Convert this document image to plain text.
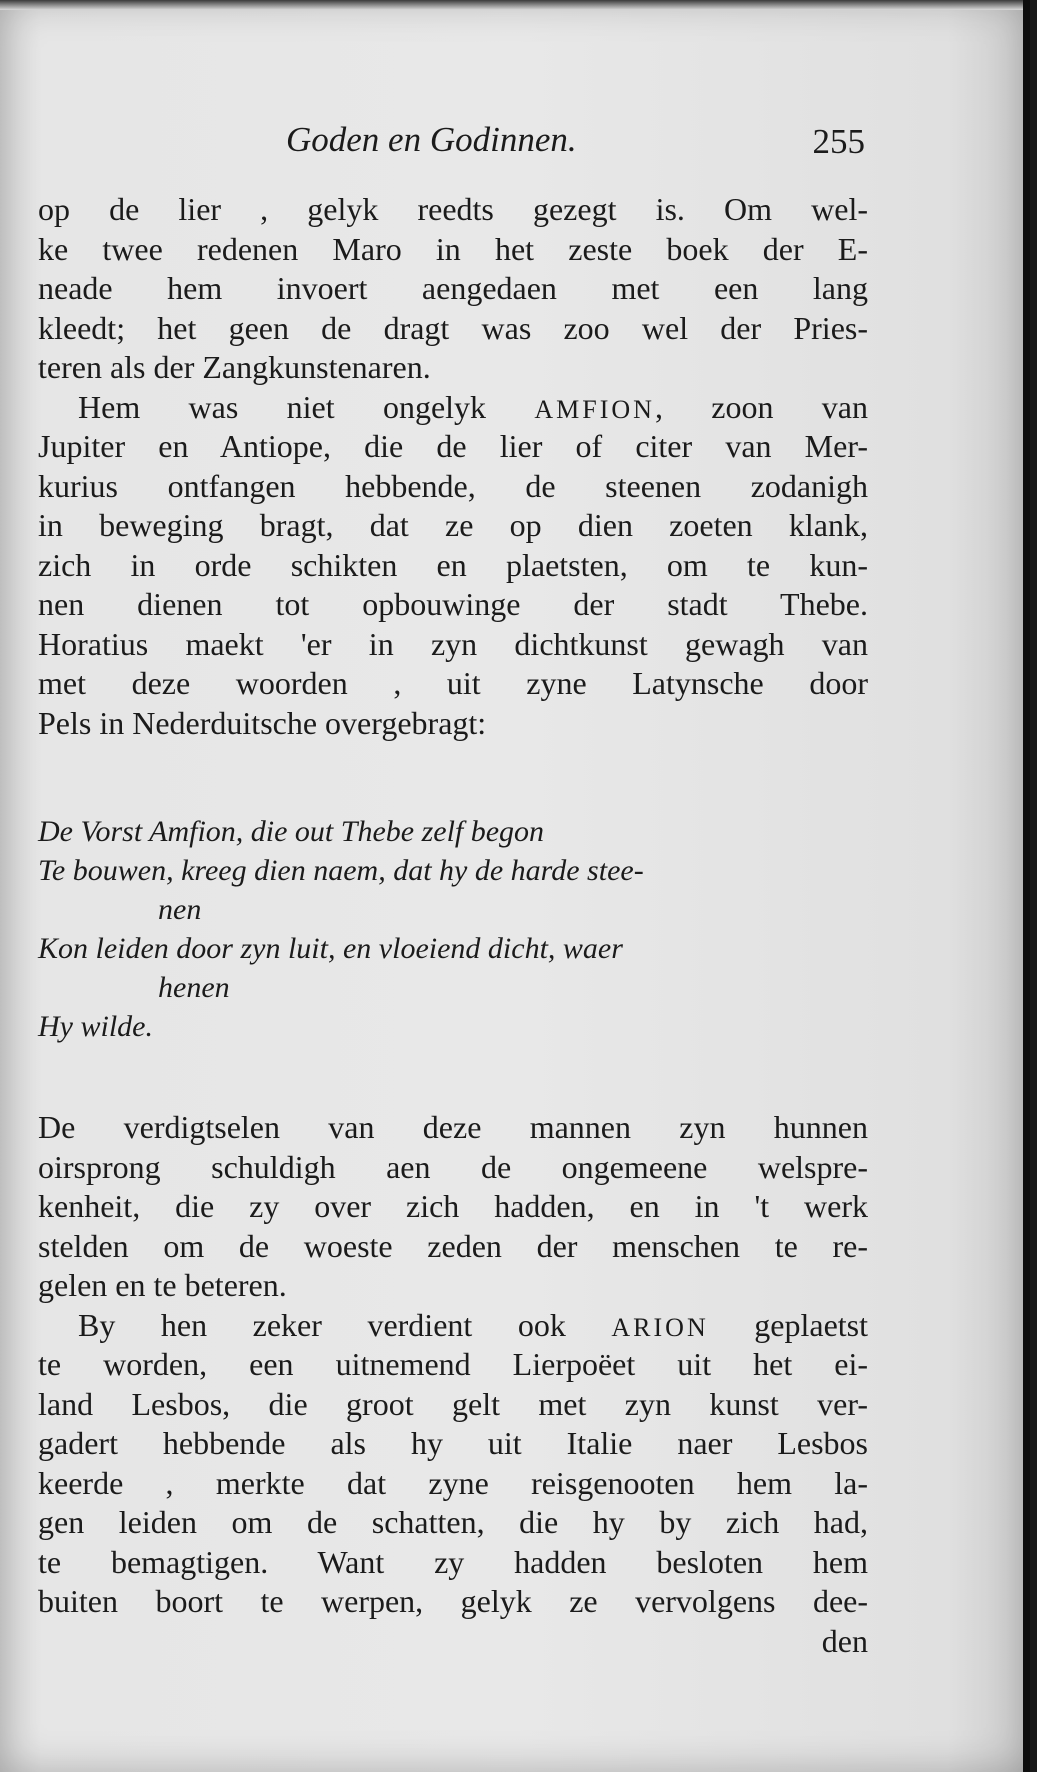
Goden en Godinnen.	255
op de lier , gelyk reedts gezegt is. Om wel-
ke twee redenen Maro in het zeste boek der E-
neade hem invoert aengedaen met een lang
kleedt; het geen de dragt was zoo wel der Pries-
teren als der Zangkunstenaren.
Hem was niet ongelyk AMFION, zoon van
Jupiter en Antiope, die de lier of citer van Mer-
kurius ontfangen hebbende, de steenen zodanigh
in beweging bragt, dat ze op dien zoeten klank,
zich in orde schikten en plaetsten, om te kun-
nen dienen tot opbouwinge der stadt Thebe.
Horatius maekt 'er in zyn dichtkunst gewagh van
met deze woorden , uit zyne Latynsche door
Pels in Nederduitsche overgebragt:
De Vorst Amfion, die out Thebe zelf begon
Te bouwen, kreeg dien naem, dat hy de harde stee-
nen
Kon leiden door zyn luit, en vloeiend dicht, waer
henen
Hy wilde.
De verdigtselen van deze mannen zyn hunnen
oirsprong schuldigh aen de ongemeene welspre-
kenheit, die zy over zich hadden, en in 't werk
stelden om de woeste zeden der menschen te re-
gelen en te beteren.
By hen zeker verdient ook ARION geplaetst
te worden, een uitnemend Lierpoëet uit het ei-
land Lesbos, die groot gelt met zyn kunst ver-
gadert hebbende als hy uit Italie naer Lesbos
keerde , merkte dat zyne reisgenooten hem la-
gen leiden om de schatten, die hy by zich had,
te bemagtigen. Want zy hadden besloten hem
buiten boort te werpen, gelyk ze vervolgens dee-
den
